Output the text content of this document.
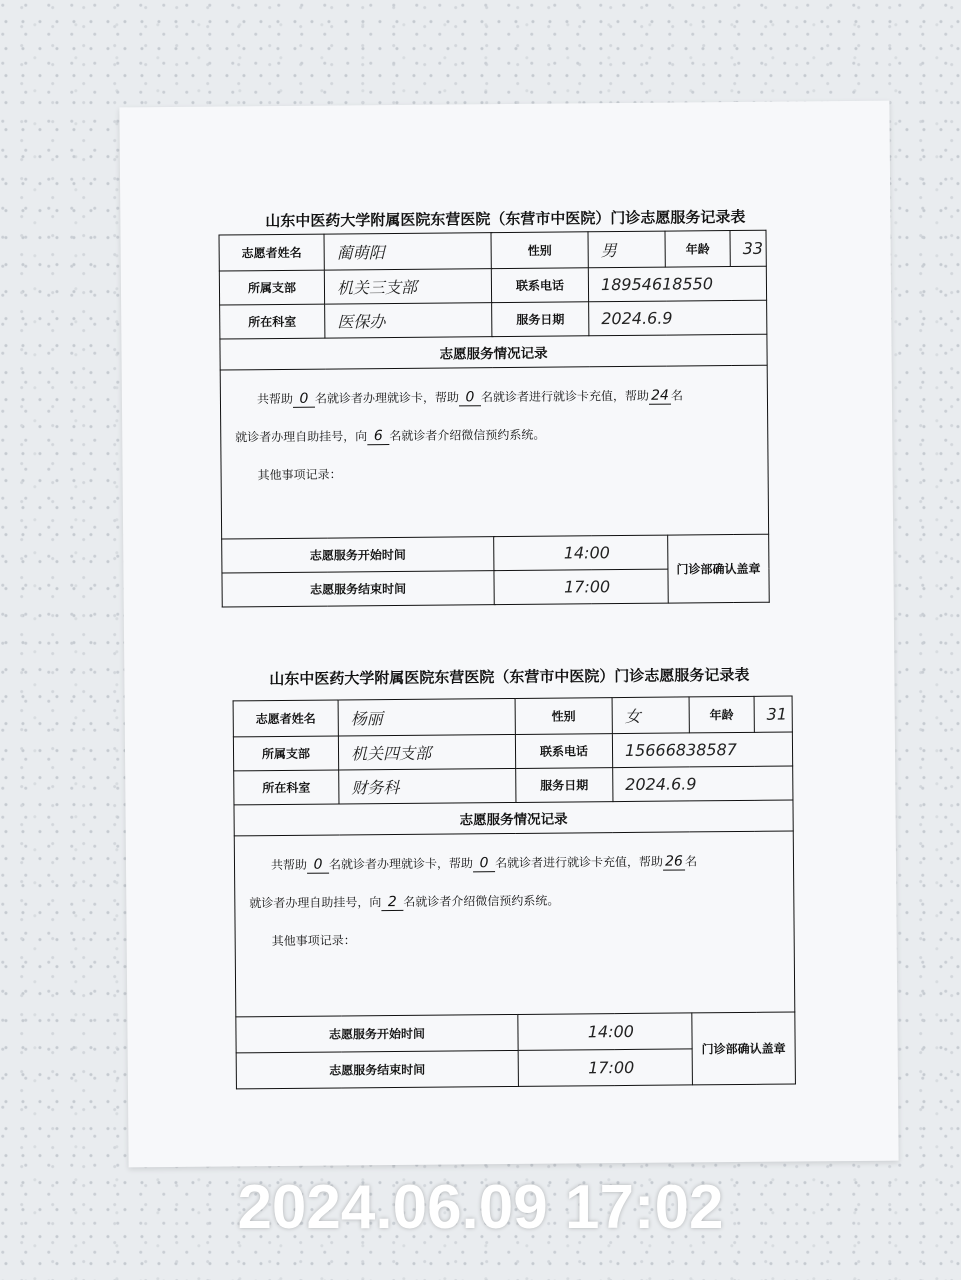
山东中医药大学附属医院东营医院（东营市中医院）门诊志愿服务记录表
志愿者姓名	蔺萌阳	性别	男	年龄	33
所属支部	机关三支部	联系电话	18954618550		
所在科室	医保办	服务日期	2024.6.9		
志愿服务情况记录					
共帮助 0 名就诊者办理就诊卡，帮助 0 名就诊者进行就诊卡充值，帮助 24 名
就诊者办理自助挂号，向 6 名就诊者介绍微信预约系统。
其他事项记录：					
志愿服务开始时间		14:00		门诊部确认盖章	
志愿服务结束时间		17:00			
山东中医药大学附属医院东营医院（东营市中医院）门诊志愿服务记录表
志愿者姓名	杨丽	性别	女	年龄	31
所属支部	机关四支部	联系电话	15666838587		
所在科室	财务科	服务日期	2024.6.9		
志愿服务情况记录					
共帮助 0 名就诊者办理就诊卡，帮助 0 名就诊者进行就诊卡充值，帮助 26 名
就诊者办理自助挂号，向 2 名就诊者介绍微信预约系统。
其他事项记录：					
志愿服务开始时间		14:00		门诊部确认盖章	
志愿服务结束时间		17:00			
2024.06.09 17:02
